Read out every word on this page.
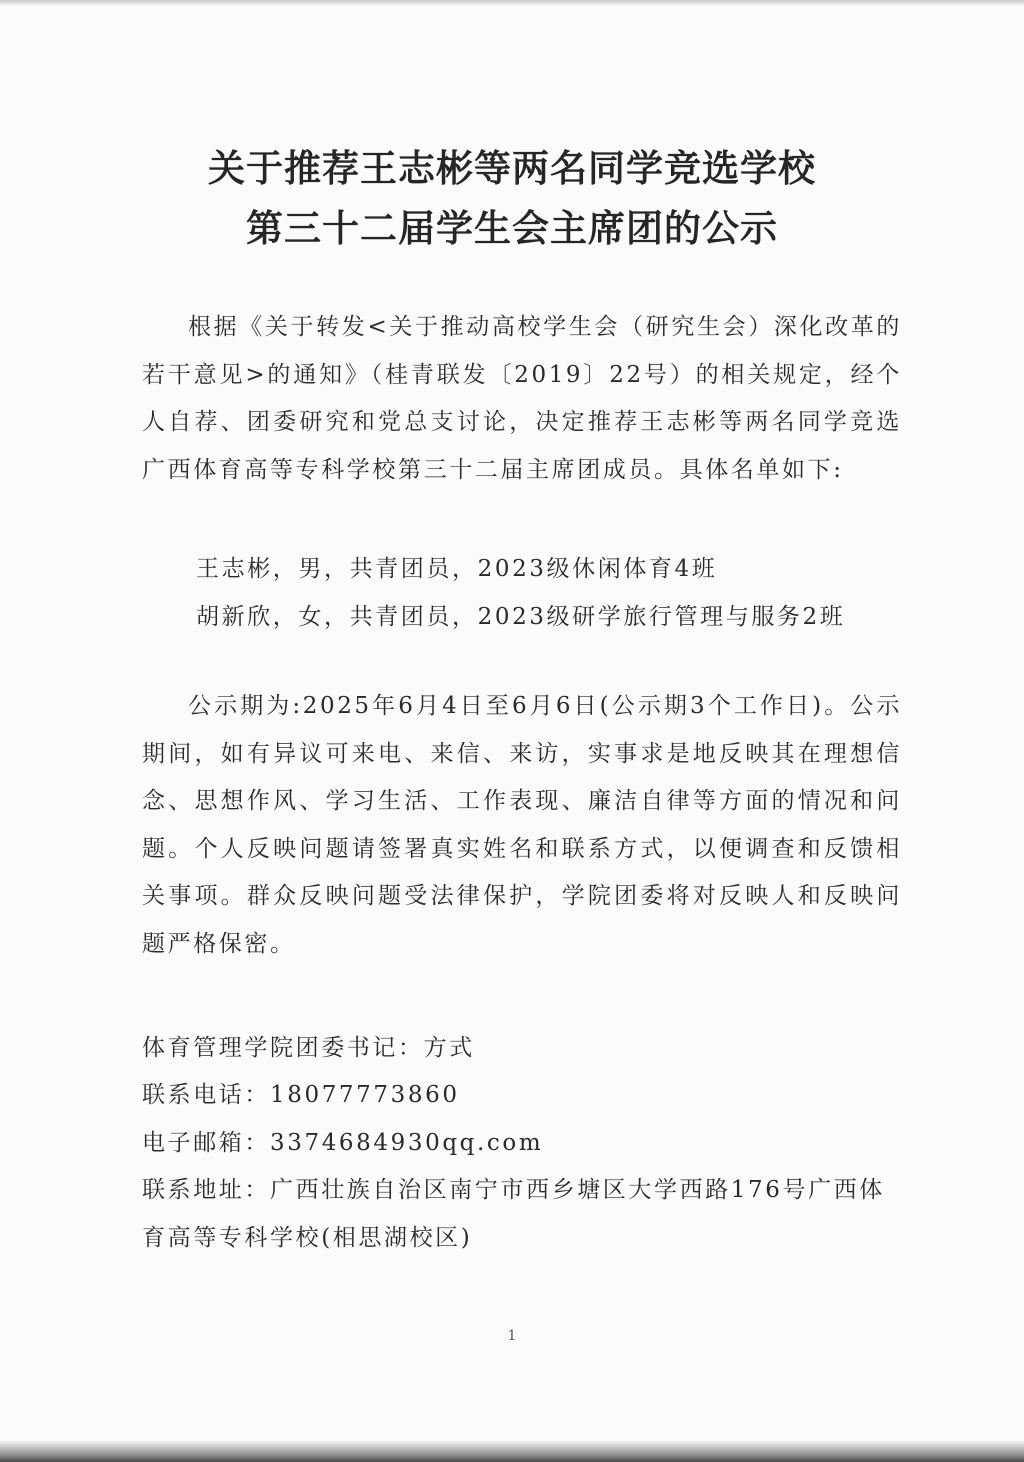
关于推荐王志彬等两名同学竞选学校
第三十二届学生会主席团的公示

根据《关于转发<关于推动高校学生会（研究生会）深化改革的若干意见>的通知》（桂青联发〔2019〕22号）的相关规定，经个人自荐、团委研究和党总支讨论，决定推荐王志彬等两名同学竞选广西体育高等专科学校第三十二届主席团成员。具体名单如下:

王志彬，男，共青团员，2023级休闲体育4班
胡新欣，女，共青团员，2023级研学旅行管理与服务2班

公示期为:2025年6月4日至6月6日(公示期3个工作日)。公示期间，如有异议可来电、来信、来访，实事求是地反映其在理想信念、思想作风、学习生活、工作表现、廉洁自律等方面的情况和问题。个人反映问题请签署真实姓名和联系方式，以便调查和反馈相关事项。群众反映问题受法律保护，学院团委将对反映人和反映问题严格保密。

体育管理学院团委书记：方式

联系电话：18077773860

电子邮箱：3374684930qq.com

联系地址：广西壮族自治区南宁市西乡塘区大学西路176号广西体育高等专科学校(相思湖校区)

1
